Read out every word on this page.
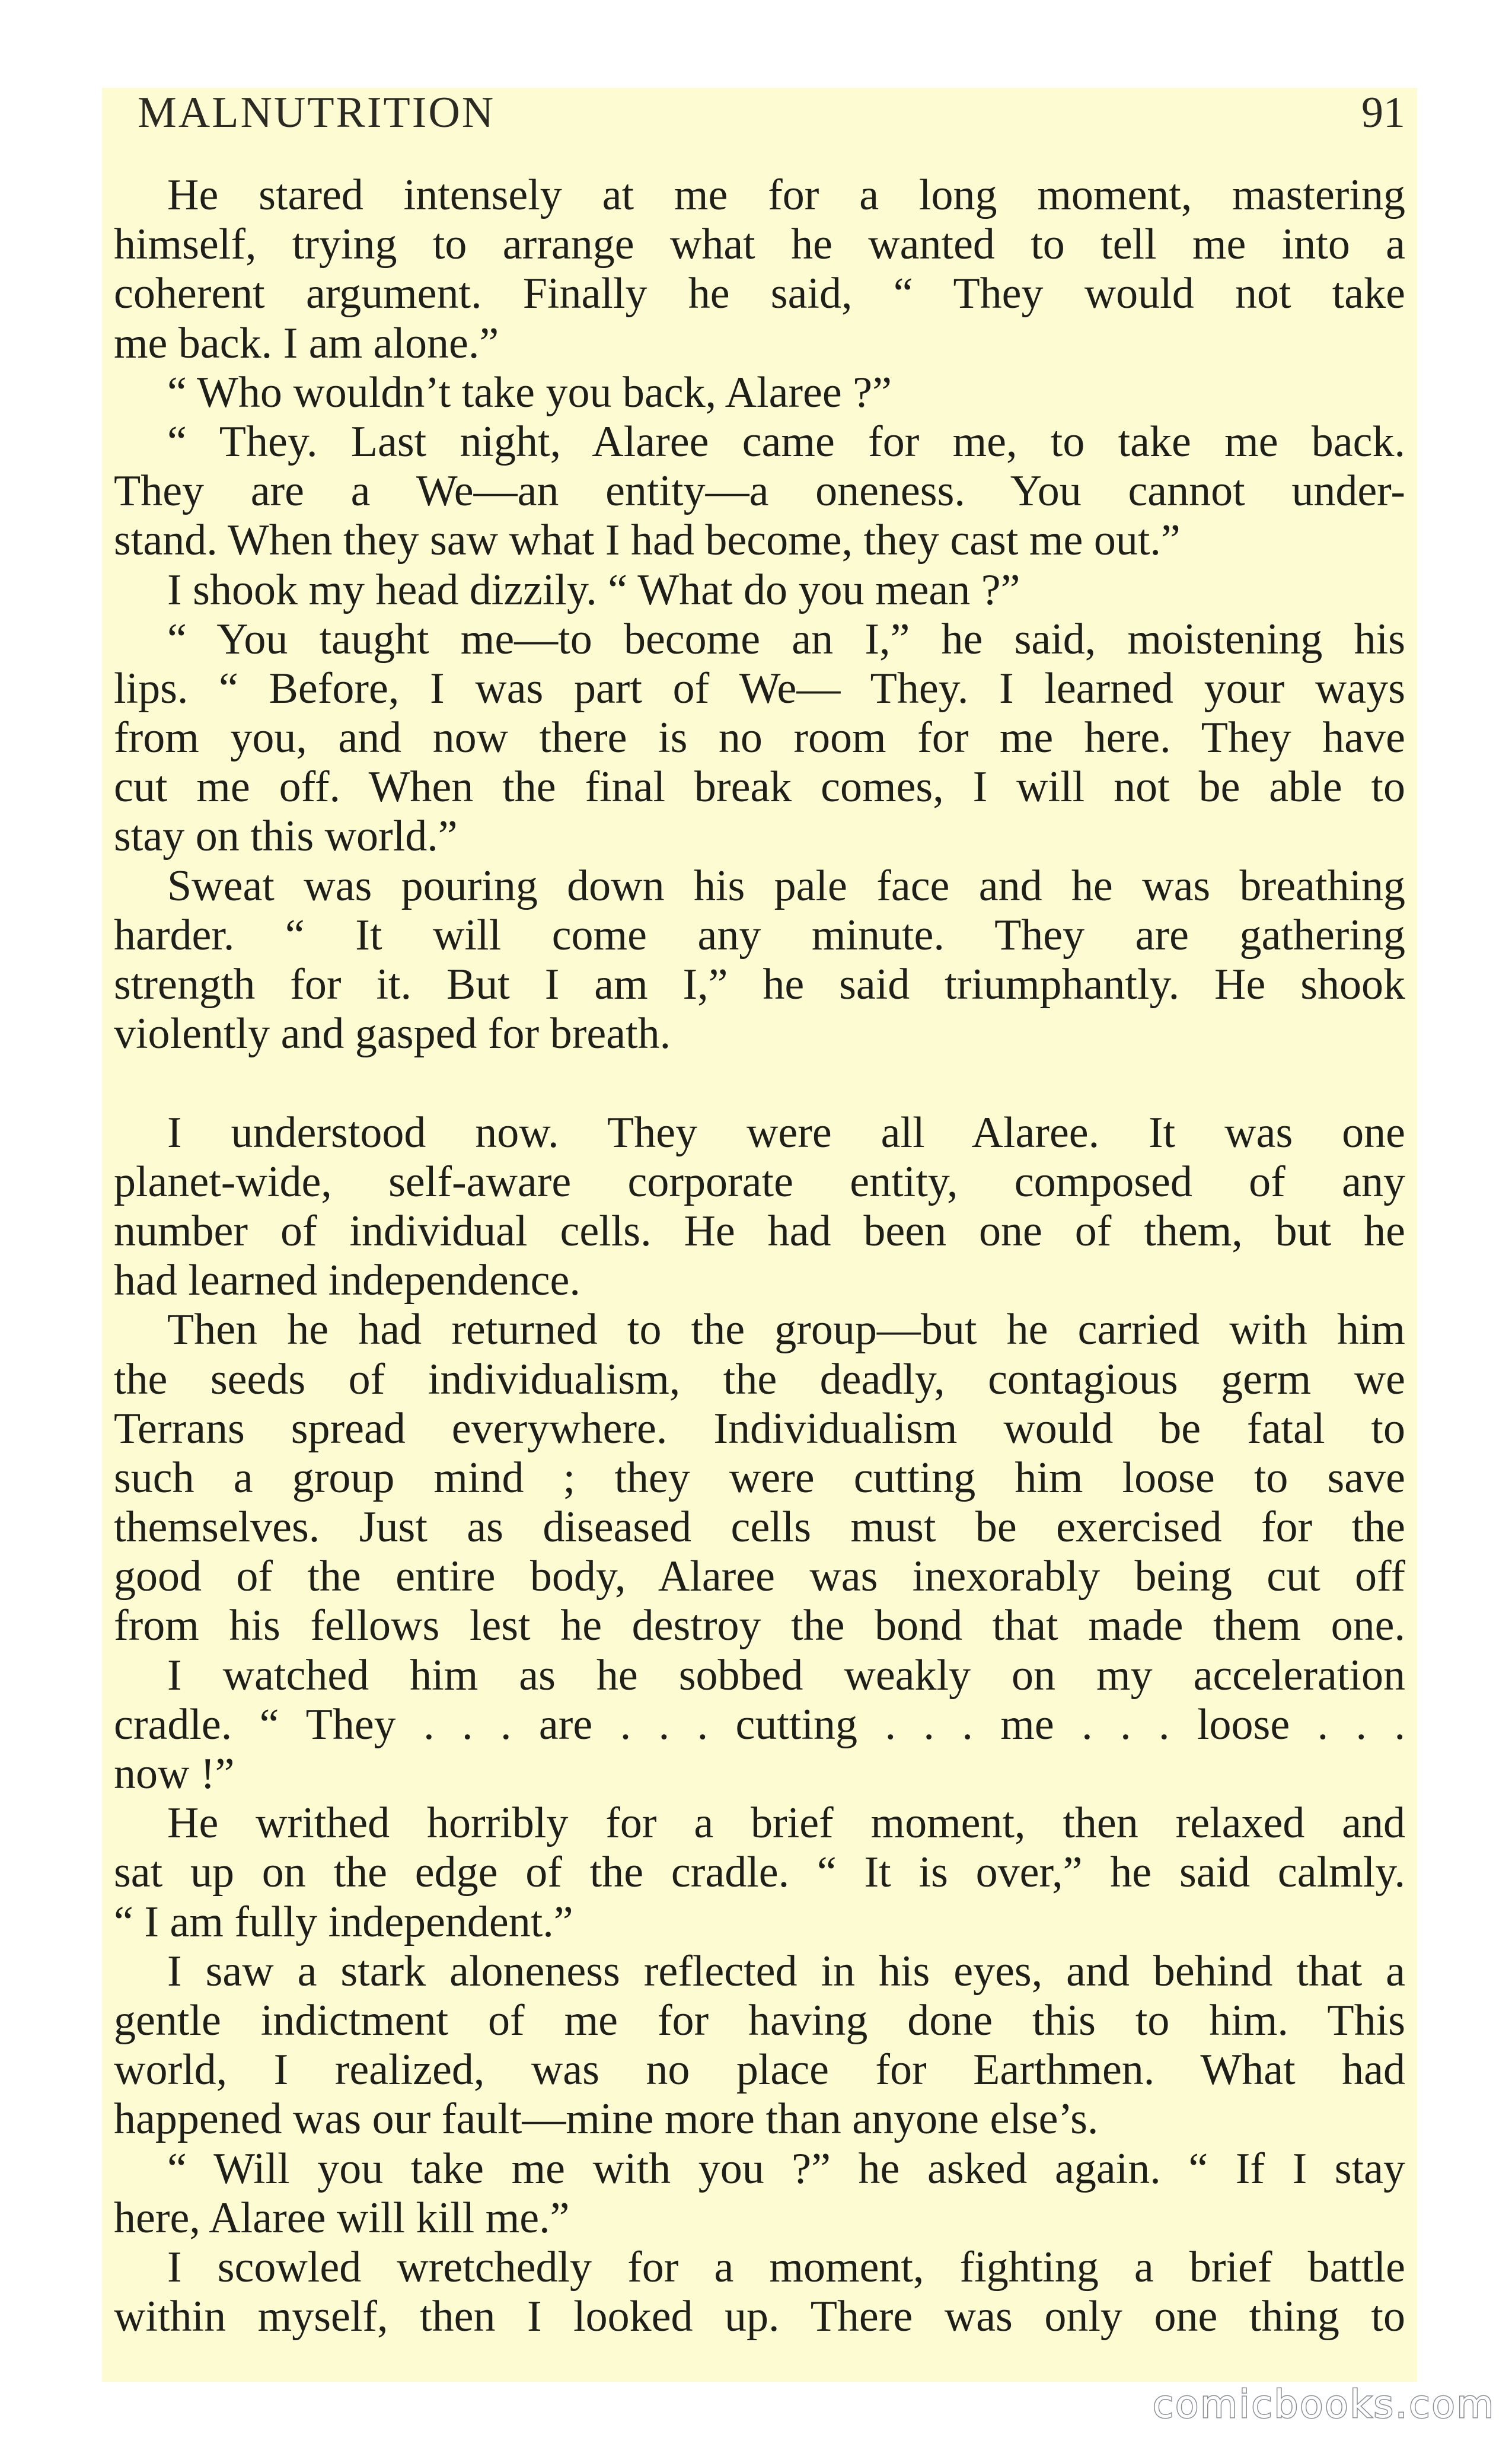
MALNUTRITION	91
He stared intensely at me for a long moment, mastering
himself, trying to arrange what he wanted to tell me into a
coherent argument. Finally he said, “ They would not take
me back. I am alone.”
“ Who wouldn’t take you back, Alaree ?”
“ They. Last night, Alaree came for me, to take me back.
They are a We—an entity—a oneness. You cannot under-
stand. When they saw what I had become, they cast me out.”
I shook my head dizzily. “ What do you mean ?”
“ You taught me—to become an I,” he said, moistening his
lips. “ Before, I was part of We— They. I learned your ways
from you, and now there is no room for me here. They have
cut me off. When the final break comes, I will not be able to
stay on this world.”
Sweat was pouring down his pale face and he was breathing
harder. “ It will come any minute. They are gathering
strength for it. But I am I,” he said triumphantly. He shook
violently and gasped for breath.
I understood now. They were all Alaree. It was one
planet-wide, self-aware corporate entity, composed of any
number of individual cells. He had been one of them, but he
had learned independence.
Then he had returned to the group—but he carried with him
the seeds of individualism, the deadly, contagious germ we
Terrans spread everywhere. Individualism would be fatal to
such a group mind ; they were cutting him loose to save
themselves. Just as diseased cells must be exercised for the
good of the entire body, Alaree was inexorably being cut off
from his fellows lest he destroy the bond that made them one.
I watched him as he sobbed weakly on my acceleration
cradle. “ They . . . are . . . cutting . . . me . . . loose . . .
now !”
He writhed horribly for a brief moment, then relaxed and
sat up on the edge of the cradle. “ It is over,” he said calmly.
“ I am fully independent.”
I saw a stark aloneness reflected in his eyes, and behind that a
gentle indictment of me for having done this to him. This
world, I realized, was no place for Earthmen. What had
happened was our fault—mine more than anyone else’s.
“ Will you take me with you ?” he asked again. “ If I stay
here, Alaree will kill me.”
I scowled wretchedly for a moment, fighting a brief battle
within myself, then I looked up. There was only one thing to
comicbooks.com
